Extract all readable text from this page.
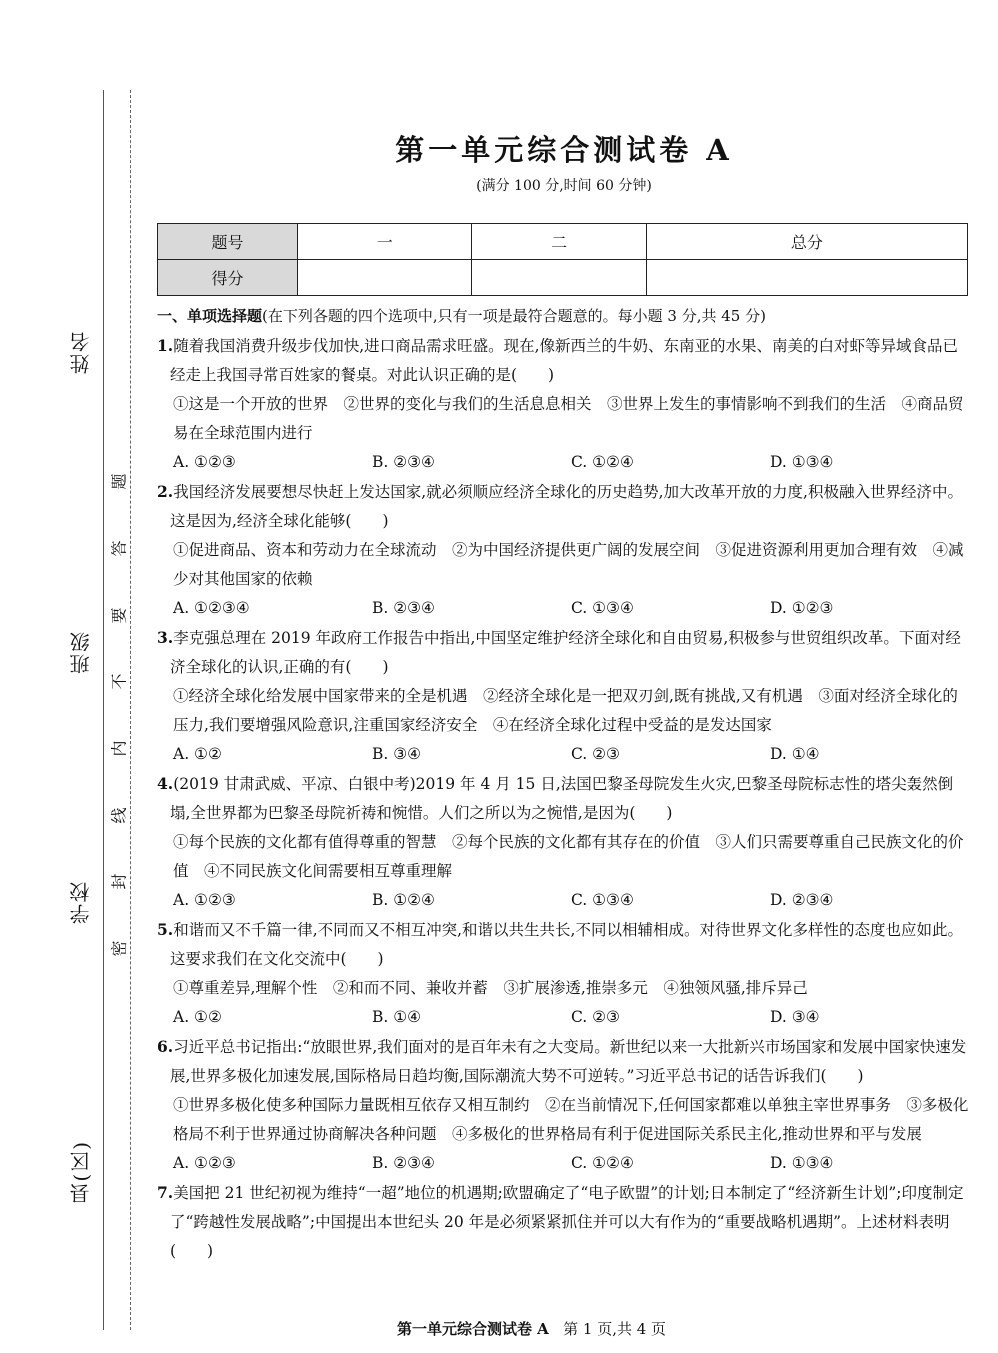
姓名
班级
学校
县(区)
题
答
要
不
内
线
封
密
第一单元综合测试卷 A
(满分 100 分,时间 60 分钟)
题号	一	二	总分
得分			
一、单项选择题(在下列各题的四个选项中,只有一项是最符合题意的。每小题 3 分,共 45 分)
1.随着我国消费升级步伐加快,进口商品需求旺盛。现在,像新西兰的牛奶、东南亚的水果、南美的白对虾等异域食品已经走上我国寻常百姓家的餐桌。对此认识正确的是(　　)
①这是一个开放的世界　②世界的变化与我们的生活息息相关　③世界上发生的事情影响不到我们的生活　④商品贸易在全球范围内进行
A. ①②③	B. ②③④	C. ①②④	D. ①③④
2.我国经济发展要想尽快赶上发达国家,就必须顺应经济全球化的历史趋势,加大改革开放的力度,积极融入世界经济中。这是因为,经济全球化能够(　　)
①促进商品、资本和劳动力在全球流动　②为中国经济提供更广阔的发展空间　③促进资源利用更加合理有效　④减少对其他国家的依赖
A. ①②③④	B. ②③④	C. ①③④	D. ①②③
3.李克强总理在 2019 年政府工作报告中指出,中国坚定维护经济全球化和自由贸易,积极参与世贸组织改革。下面对经济全球化的认识,正确的有(　　)
①经济全球化给发展中国家带来的全是机遇　②经济全球化是一把双刃剑,既有挑战,又有机遇　③面对经济全球化的压力,我们要增强风险意识,注重国家经济安全　④在经济全球化过程中受益的是发达国家
A. ①②	B. ③④	C. ②③	D. ①④
4.(2019 甘肃武威、平凉、白银中考)2019 年 4 月 15 日,法国巴黎圣母院发生火灾,巴黎圣母院标志性的塔尖轰然倒塌,全世界都为巴黎圣母院祈祷和惋惜。人们之所以为之惋惜,是因为(　　)
①每个民族的文化都有值得尊重的智慧　②每个民族的文化都有其存在的价值　③人们只需要尊重自己民族文化的价值　④不同民族文化间需要相互尊重理解
A. ①②③	B. ①②④	C. ①③④	D. ②③④
5.和谐而又不千篇一律,不同而又不相互冲突,和谐以共生共长,不同以相辅相成。对待世界文化多样性的态度也应如此。这要求我们在文化交流中(　　)
①尊重差异,理解个性　②和而不同、兼收并蓄　③扩展渗透,推崇多元　④独领风骚,排斥异己
A. ①②	B. ①④	C. ②③	D. ③④
6.习近平总书记指出:“放眼世界,我们面对的是百年未有之大变局。新世纪以来一大批新兴市场国家和发展中国家快速发展,世界多极化加速发展,国际格局日趋均衡,国际潮流大势不可逆转。”习近平总书记的话告诉我们(　　)
①世界多极化使多种国际力量既相互依存又相互制约　②在当前情况下,任何国家都难以单独主宰世界事务　③多极化格局不利于世界通过协商解决各种问题　④多极化的世界格局有利于促进国际关系民主化,推动世界和平与发展
A. ①②③	B. ②③④	C. ①②④	D. ①③④
7.美国把 21 世纪初视为维持“一超”地位的机遇期;欧盟确定了“电子欧盟”的计划;日本制定了“经济新生计划”;印度制定了“跨越性发展战略”;中国提出本世纪头 20 年是必须紧紧抓住并可以大有作为的“重要战略机遇期”。上述材料表明(　　)
第一单元综合测试卷 A 第 1 页,共 4 页
